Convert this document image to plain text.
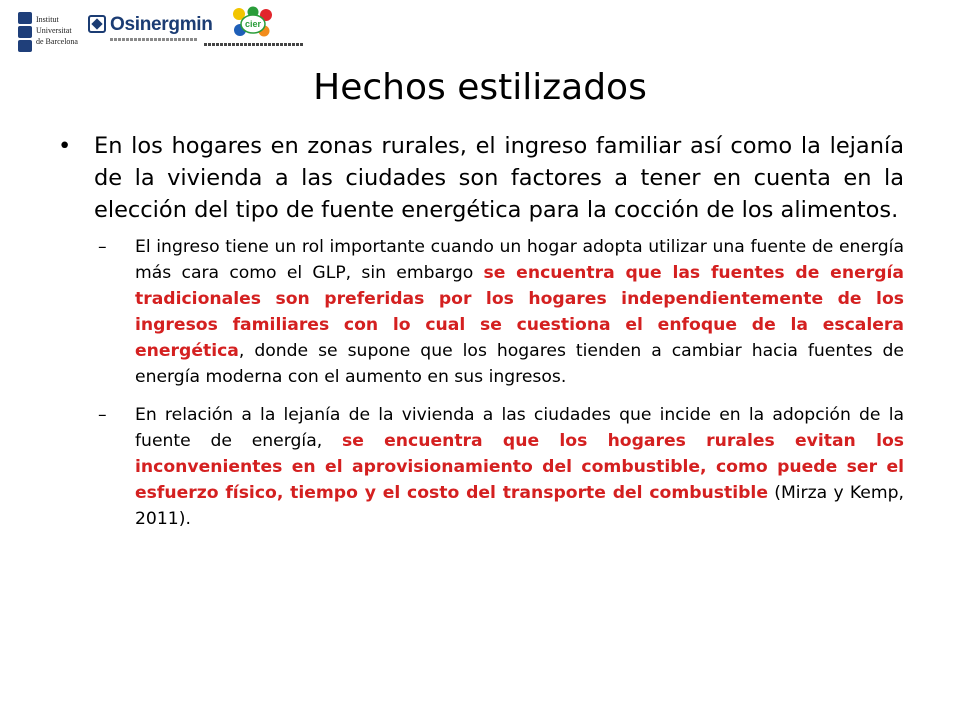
Institut
Universitat
de Barcelona
Osinergmin	cier
Hechos estilizados
• En los hogares en zonas rurales, el ingreso familiar así como la lejanía de la vivienda a las ciudades son factores a tener en cuenta en la elección del tipo de fuente energética para la cocción de los alimentos.
– El ingreso tiene un rol importante cuando un hogar adopta utilizar una fuente de energía más cara como el GLP, sin embargo se encuentra que las fuentes de energía tradicionales son preferidas por los hogares independientemente de los ingresos familiares con lo cual se cuestiona el enfoque de la escalera energética, donde se supone que los hogares tienden a cambiar hacia fuentes de energía moderna con el aumento en sus ingresos.
– En relación a la lejanía de la vivienda a las ciudades que incide en la adopción de la fuente de energía, se encuentra que los hogares rurales evitan los inconvenientes en el aprovisionamiento del combustible, como puede ser el esfuerzo físico, tiempo y el costo del transporte del combustible (Mirza y Kemp, 2011).
